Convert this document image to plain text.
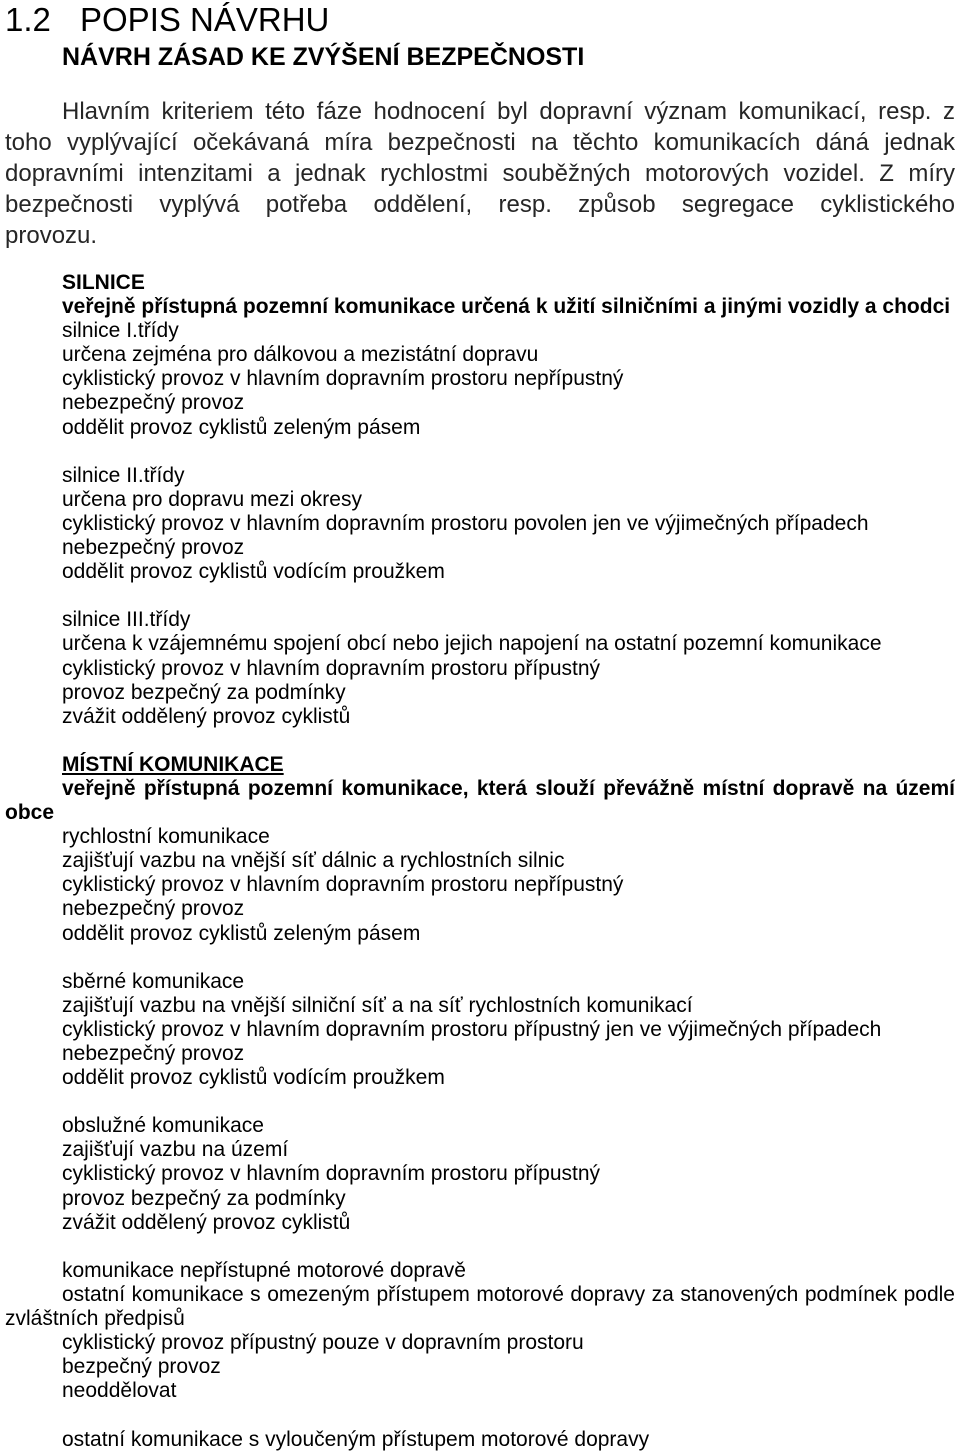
1.2 POPIS NÁVRHU
NÁVRH ZÁSAD KE ZVÝŠENÍ BEZPEČNOSTI
Hlavním kriteriem této fáze hodnocení byl dopravní význam komunikací, resp. z
toho vyplývající očekávaná míra bezpečnosti na těchto komunikacích dáná jednak
dopravními intenzitami a jednak rychlostmi souběžných motorových vozidel. Z míry
bezpečnosti vyplývá potřeba oddělení, resp. způsob segregace cyklistického
provozu.
SILNICE
veřejně přístupná pozemní komunikace určená k užití silničními a jinými vozidly a chodci
silnice I.třídy
určena zejména pro dálkovou a mezistátní dopravu
cyklistický provoz v hlavním dopravním prostoru nepřípustný
nebezpečný provoz
oddělit provoz cyklistů zeleným pásem
silnice II.třídy
určena pro dopravu mezi okresy
cyklistický provoz v hlavním dopravním prostoru povolen jen ve výjimečných případech
nebezpečný provoz
oddělit provoz cyklistů vodícím proužkem
silnice III.třídy
určena k vzájemnému spojení obcí nebo jejich napojení na ostatní pozemní komunikace
cyklistický provoz v hlavním dopravním prostoru přípustný
provoz bezpečný za podmínky
zvážit oddělený provoz cyklistů
MÍSTNÍ KOMUNIKACE
veřejně přístupná pozemní komunikace, která slouží převážně místní dopravě na území
obce
rychlostní komunikace
zajišťují vazbu na vnější síť dálnic a rychlostních silnic
cyklistický provoz v hlavním dopravním prostoru nepřípustný
nebezpečný provoz
oddělit provoz cyklistů zeleným pásem
sběrné komunikace
zajišťují vazbu na vnější silniční síť a na síť rychlostních komunikací
cyklistický provoz v hlavním dopravním prostoru přípustný jen ve výjimečných případech
nebezpečný provoz
oddělit provoz cyklistů vodícím proužkem
obslužné komunikace
zajišťují vazbu na území
cyklistický provoz v hlavním dopravním prostoru přípustný
provoz bezpečný za podmínky
zvážit oddělený provoz cyklistů
komunikace nepřístupné motorové dopravě
ostatní komunikace s omezeným přístupem motorové dopravy za stanovených podmínek podle
zvláštních předpisů
cyklistický provoz přípustný pouze v dopravním prostoru
bezpečný provoz
neoddělovat
ostatní komunikace s vyloučeným přístupem motorové dopravy
